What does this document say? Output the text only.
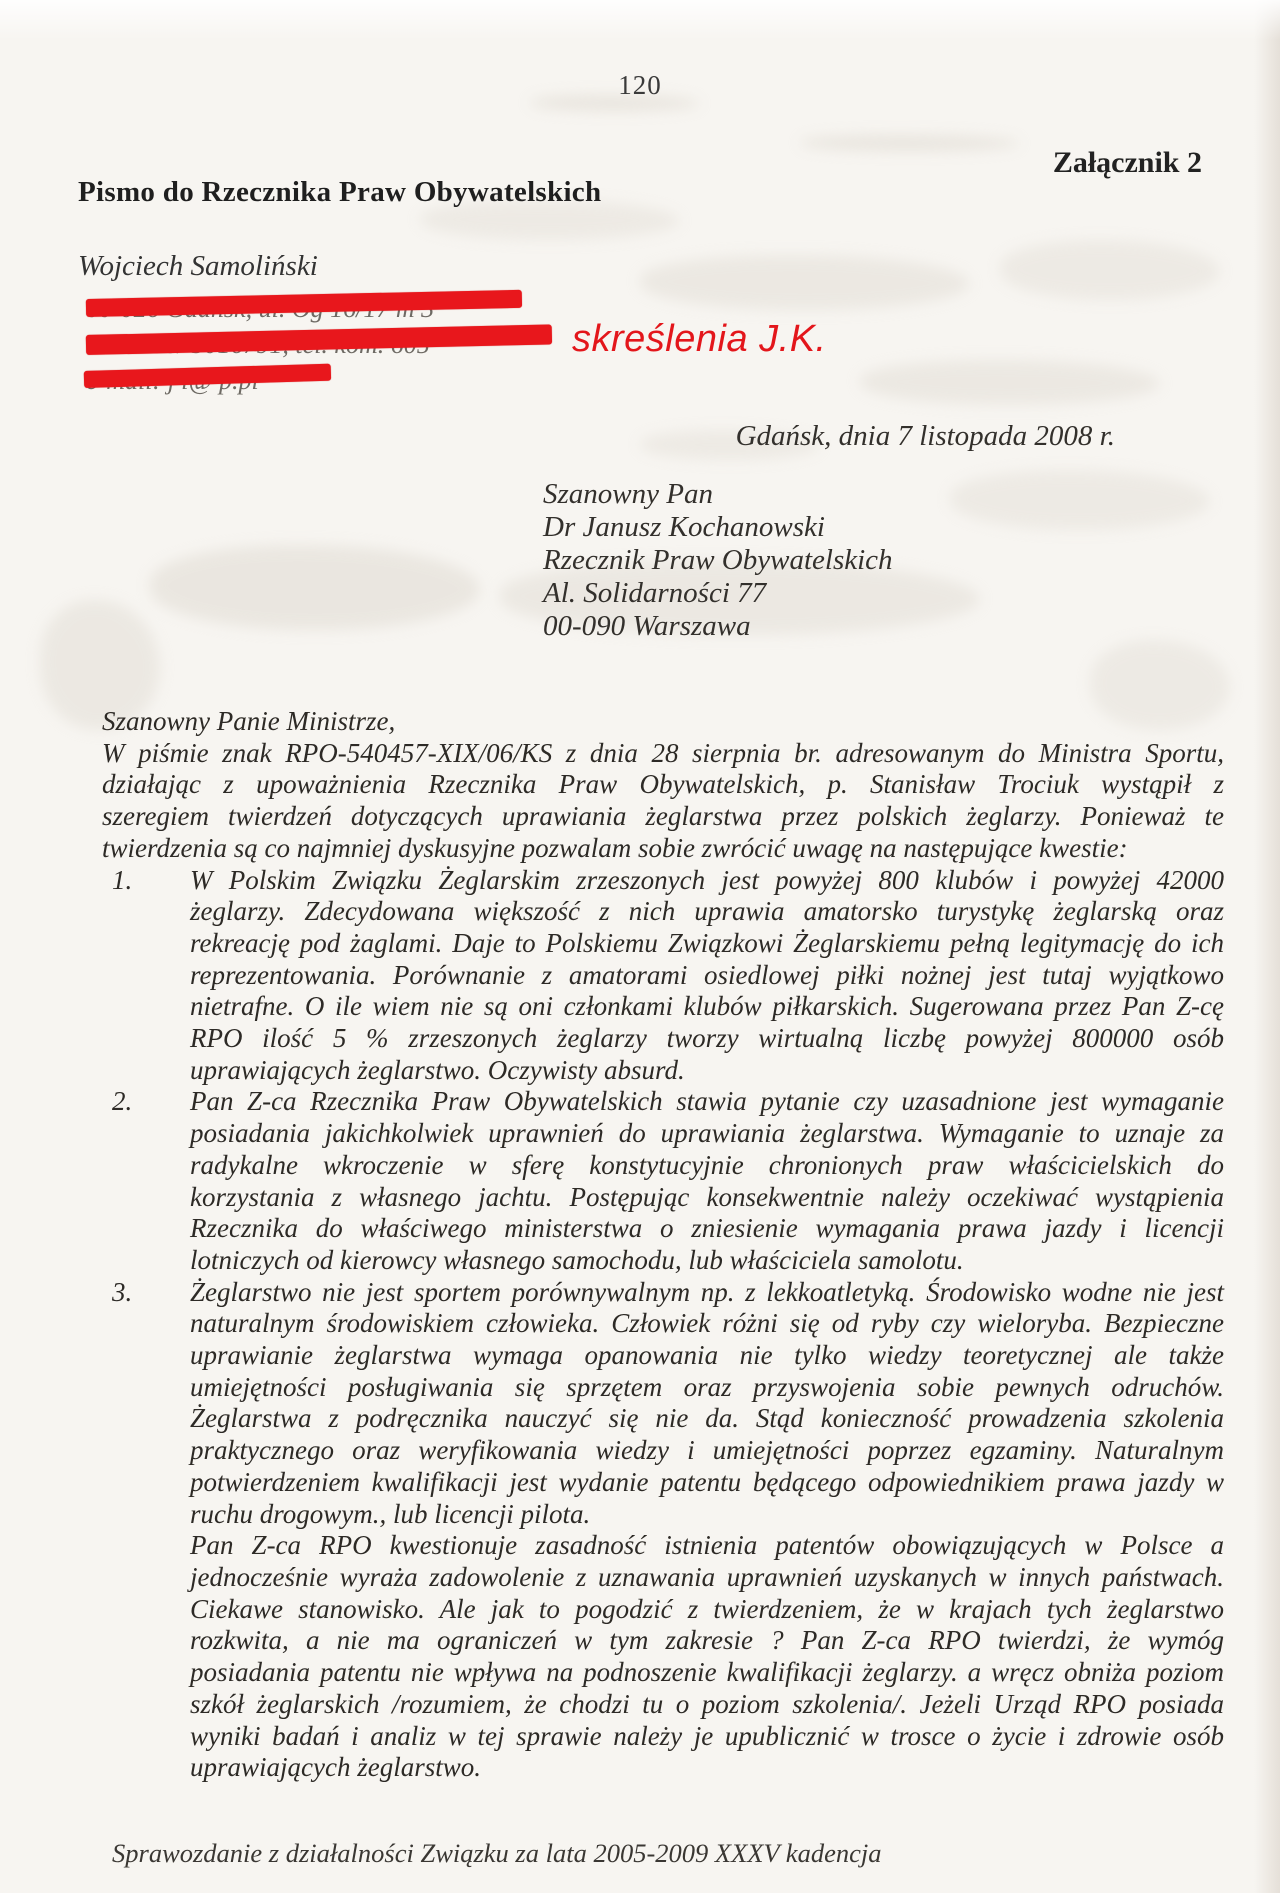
120
Załącznik 2
Pismo do Rzecznika Praw Obywatelskich
Wojciech Samoliński
skreślenia J.K.
Gdańsk, dnia 7 listopada 2008 r.
Szanowny Pan
Dr Janusz Kochanowski
Rzecznik Praw Obywatelskich
Al. Solidarności 77
00-090 Warszawa
Szanowny Panie Ministrze,
W piśmie znak RPO-540457-XIX/06/KS z dnia 28 sierpnia br. adresowanym do Ministra Sportu,
działając z upoważnienia Rzecznika Praw Obywatelskich, p. Stanisław Trociuk wystąpił z
szeregiem twierdzeń dotyczących uprawiania żeglarstwa przez polskich żeglarzy. Ponieważ te
twierdzenia są co najmniej dyskusyjne pozwalam sobie zwrócić uwagę na następujące kwestie:
1. W Polskim Związku Żeglarskim zrzeszonych jest powyżej 800 klubów i powyżej 42000
żeglarzy. Zdecydowana większość z nich uprawia amatorsko turystykę żeglarską oraz
rekreację pod żaglami. Daje to Polskiemu Związkowi Żeglarskiemu pełną legitymację do ich
reprezentowania. Porównanie z amatorami osiedlowej piłki nożnej jest tutaj wyjątkowo
nietrafne. O ile wiem nie są oni członkami klubów piłkarskich. Sugerowana przez Pan Z-cę
RPO ilość 5 % zrzeszonych żeglarzy tworzy wirtualną liczbę powyżej 800000 osób
uprawiających żeglarstwo. Oczywisty absurd.
2. Pan Z-ca Rzecznika Praw Obywatelskich stawia pytanie czy uzasadnione jest wymaganie
posiadania jakichkolwiek uprawnień do uprawiania żeglarstwa. Wymaganie to uznaje za
radykalne wkroczenie w sferę konstytucyjnie chronionych praw właścicielskich do
korzystania z własnego jachtu. Postępując konsekwentnie należy oczekiwać wystąpienia
Rzecznika do właściwego ministerstwa o zniesienie wymagania prawa jazdy i licencji
lotniczych od kierowcy własnego samochodu, lub właściciela samolotu.
3. Żeglarstwo nie jest sportem porównywalnym np. z lekkoatletyką. Środowisko wodne nie jest
naturalnym środowiskiem człowieka. Człowiek różni się od ryby czy wieloryba. Bezpieczne
uprawianie żeglarstwa wymaga opanowania nie tylko wiedzy teoretycznej ale także
umiejętności posługiwania się sprzętem oraz przyswojenia sobie pewnych odruchów.
Żeglarstwa z podręcznika nauczyć się nie da. Stąd konieczność prowadzenia szkolenia
praktycznego oraz weryfikowania wiedzy i umiejętności poprzez egzaminy. Naturalnym
potwierdzeniem kwalifikacji jest wydanie patentu będącego odpowiednikiem prawa jazdy w
ruchu drogowym., lub licencji pilota.
Pan Z-ca RPO kwestionuje zasadność istnienia patentów obowiązujących w Polsce a
jednocześnie wyraża zadowolenie z uznawania uprawnień uzyskanych w innych państwach.
Ciekawe stanowisko. Ale jak to pogodzić z twierdzeniem, że w krajach tych żeglarstwo
rozkwita, a nie ma ograniczeń w tym zakresie ? Pan Z-ca RPO twierdzi, że wymóg
posiadania patentu nie wpływa na podnoszenie kwalifikacji żeglarzy. a wręcz obniża poziom
szkół żeglarskich /rozumiem, że chodzi tu o poziom szkolenia/. Jeżeli Urząd RPO posiada
wyniki badań i analiz w tej sprawie należy je upublicznić w trosce o życie i zdrowie osób
uprawiających żeglarstwo.
Sprawozdanie z działalności Związku za lata 2005-2009 XXXV kadencja
